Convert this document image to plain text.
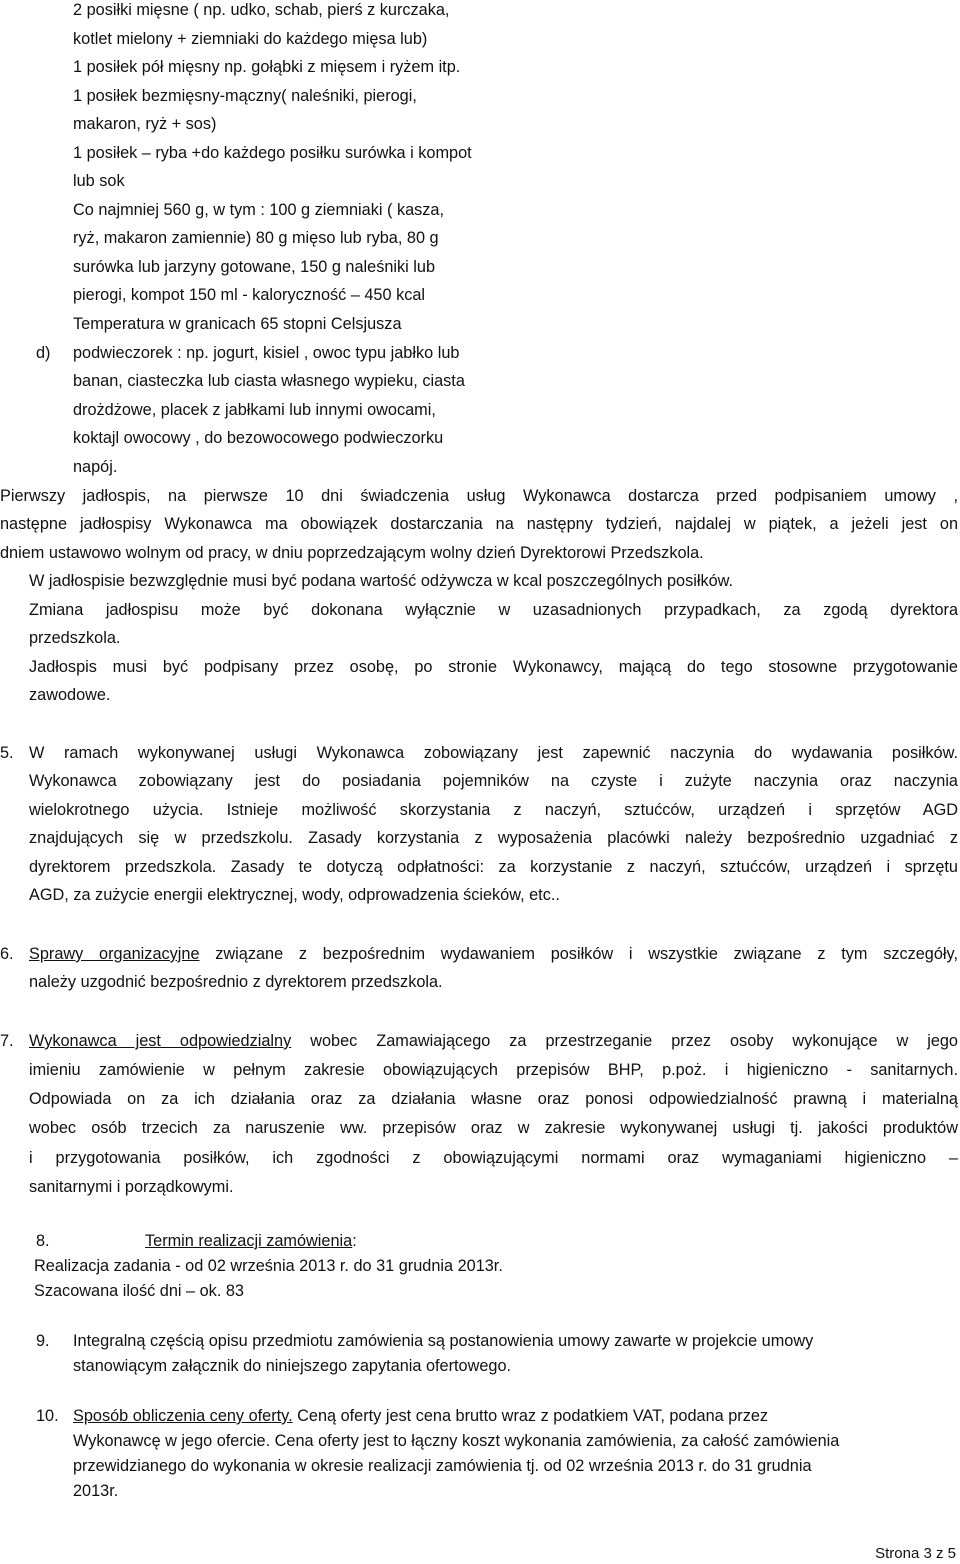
2 posiłki mięsne ( np. udko, schab, pierś z kurczaka,
kotlet mielony + ziemniaki do każdego mięsa lub)
1 posiłek pół mięsny np. gołąbki z mięsem i ryżem itp.
1 posiłek bezmięsny-mączny( naleśniki, pierogi,
makaron, ryż + sos)
1 posiłek – ryba +do każdego posiłku surówka i kompot
lub sok
Co najmniej 560 g, w tym : 100 g ziemniaki ( kasza,
ryż, makaron zamiennie) 80 g mięso lub ryba, 80 g
surówka lub jarzyny gotowane, 150 g naleśniki lub
pierogi, kompot 150 ml - kaloryczność – 450 kcal
Temperatura w granicach 65 stopni Celsjusza
d) podwieczorek : np. jogurt, kisiel , owoc typu jabłko lub
banan, ciasteczka lub ciasta własnego wypieku, ciasta
drożdżowe, placek z jabłkami lub innymi owocami,
koktajl owocowy , do bezowocowego podwieczorku
napój.
Pierwszy jadłospis, na pierwsze 10 dni świadczenia usług Wykonawca dostarcza przed podpisaniem umowy ,
następne jadłospisy Wykonawca ma obowiązek dostarczania na następny tydzień, najdalej w piątek, a jeżeli jest on
dniem ustawowo wolnym od pracy, w dniu poprzedzającym wolny dzień Dyrektorowi Przedszkola.
W jadłospisie bezwzględnie musi być podana wartość odżywcza w kcal poszczególnych posiłków.
Zmiana jadłospisu może być dokonana wyłącznie w uzasadnionych przypadkach, za zgodą dyrektora
przedszkola.
Jadłospis musi być podpisany przez osobę, po stronie Wykonawcy, mającą do tego stosowne przygotowanie
zawodowe.
5. W ramach wykonywanej usługi Wykonawca zobowiązany jest zapewnić naczynia do wydawania posiłków.
Wykonawca zobowiązany jest do posiadania pojemników na czyste i zużyte naczynia oraz naczynia
wielokrotnego użycia. Istnieje możliwość skorzystania z naczyń, sztućców, urządzeń i sprzętów AGD
znajdujących się w przedszkolu. Zasady korzystania z wyposażenia placówki należy bezpośrednio uzgadniać z
dyrektorem przedszkola. Zasady te dotyczą odpłatności: za korzystanie z naczyń, sztućców, urządzeń i sprzętu
AGD, za zużycie energii elektrycznej, wody, odprowadzenia ścieków, etc..
6. Sprawy organizacyjne związane z bezpośrednim wydawaniem posiłków i wszystkie związane z tym szczegóły,
należy uzgodnić bezpośrednio z dyrektorem przedszkola.
7. Wykonawca jest odpowiedzialny wobec Zamawiającego za przestrzeganie przez osoby wykonujące w jego
imieniu zamówienie w pełnym zakresie obowiązujących przepisów BHP, p.poż. i higieniczno - sanitarnych.
Odpowiada on za ich działania oraz za działania własne oraz ponosi odpowiedzialność prawną i materialną
wobec osób trzecich za naruszenie ww. przepisów oraz w zakresie wykonywanej usługi tj. jakości produktów
i przygotowania posiłków, ich zgodności z obowiązującymi normami oraz wymaganiami higieniczno –
sanitarnymi i porządkowymi.
8.	Termin realizacji zamówienia:
Realizacja zadania - od 02 września 2013 r. do 31 grudnia 2013r.
Szacowana ilość dni – ok. 83
9. Integralną częścią opisu przedmiotu zamówienia są postanowienia umowy zawarte w projekcie umowy
stanowiącym załącznik do niniejszego zapytania ofertowego.
10. Sposób obliczenia ceny oferty. Ceną oferty jest cena brutto wraz z podatkiem VAT, podana przez
Wykonawcę w jego ofercie. Cena oferty jest to łączny koszt wykonania zamówienia, za całość zamówienia
przewidzianego do wykonania w okresie realizacji zamówienia tj. od 02 września 2013 r. do 31 grudnia
2013r.
Strona 3 z 5
